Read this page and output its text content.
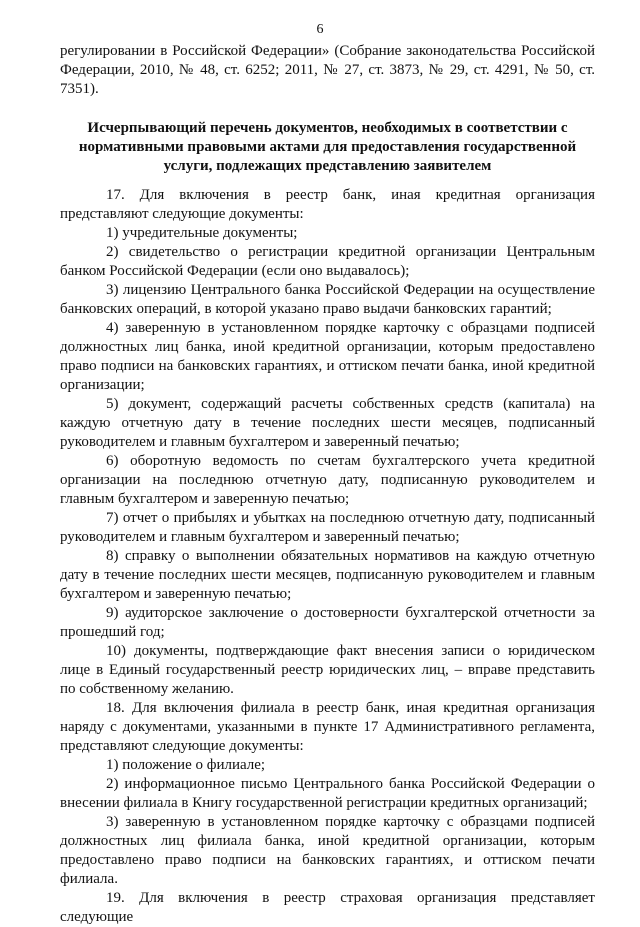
6

регулировании в Российской Федерации» (Собрание законодательства Российской Федерации, 2010, № 48, ст. 6252; 2011, № 27, ст. 3873, № 29, ст. 4291, № 50, ст. 7351).

Исчерпывающий перечень документов, необходимых в соответствии с нормативными правовыми актами для предоставления государственной услуги, подлежащих представлению заявителем

17. Для включения в реестр банк, иная кредитная организация представляют следующие документы:

1) учредительные документы;

2) свидетельство о регистрации кредитной организации Центральным банком Российской Федерации (если оно выдавалось);

3) лицензию Центрального банка Российской Федерации на осуществление банковских операций, в которой указано право выдачи банковских гарантий;

4) заверенную в установленном порядке карточку с образцами подписей должностных лиц банка, иной кредитной организации, которым предоставлено право подписи на банковских гарантиях, и оттиском печати банка, иной кредитной организации;

5) документ, содержащий расчеты собственных средств (капитала) на каждую отчетную дату в течение последних шести месяцев, подписанный руководителем и главным бухгалтером и заверенный печатью;

6) оборотную ведомость по счетам бухгалтерского учета кредитной организации на последнюю отчетную дату, подписанную руководителем и главным бухгалтером и заверенную печатью;

7) отчет о прибылях и убытках на последнюю отчетную дату, подписанный руководителем и главным бухгалтером и заверенный печатью;

8) справку о выполнении обязательных нормативов на каждую отчетную дату в течение последних шести месяцев, подписанную руководителем и главным бухгалтером и заверенную печатью;

9) аудиторское заключение о достоверности бухгалтерской отчетности за прошедший год;

10) документы, подтверждающие факт внесения записи о юридическом лице в Единый государственный реестр юридических лиц, – вправе представить по собственному желанию.

18. Для включения филиала в реестр банк, иная кредитная организация наряду с документами, указанными в пункте 17 Административного регламента, представляют следующие документы:

1) положение о филиале;

2) информационное письмо Центрального банка Российской Федерации о внесении филиала в Книгу государственной регистрации кредитных организаций;

3) заверенную в установленном порядке карточку с образцами подписей должностных лиц филиала банка, иной кредитной организации, которым предоставлено право подписи на банковских гарантиях, и оттиском печати филиала.

19. Для включения в реестр страховая организация представляет следующие
